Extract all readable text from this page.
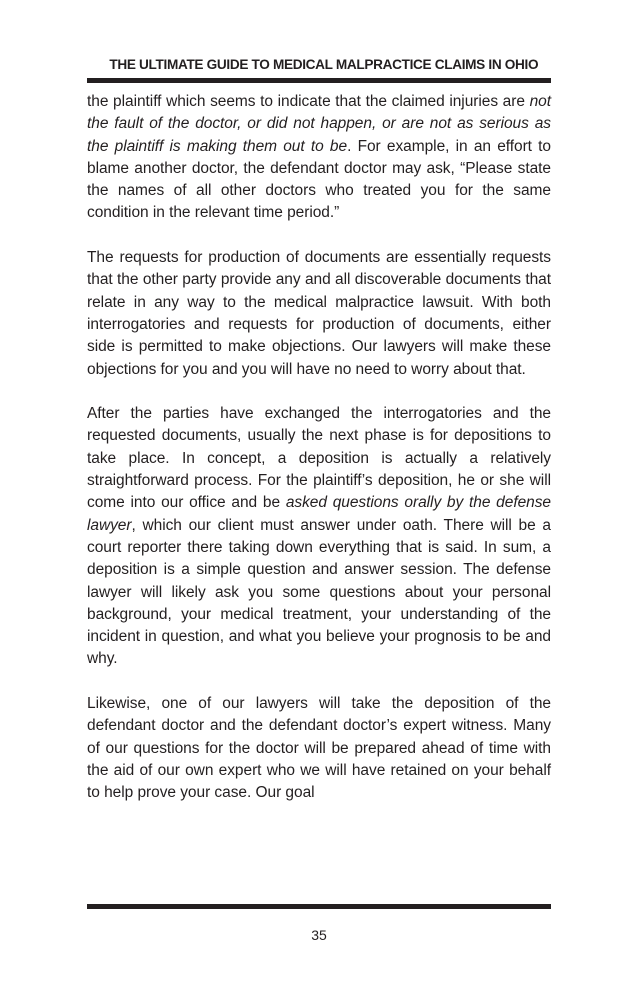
THE ULTIMATE GUIDE TO MEDICAL MALPRACTICE CLAIMS IN OHIO

the plaintiff which seems to indicate that the claimed injuries are not the fault of the doctor, or did not happen, or are not as serious as the plaintiff is making them out to be. For example, in an effort to blame another doctor, the defendant doctor may ask, “Please state the names of all other doctors who treated you for the same condition in the relevant time period.”

The requests for production of documents are essentially requests that the other party provide any and all discoverable documents that relate in any way to the medical malpractice lawsuit. With both interrogatories and requests for production of documents, either side is permitted to make objections. Our lawyers will make these objections for you and you will have no need to worry about that.

After the parties have exchanged the interrogatories and the requested documents, usually the next phase is for depositions to take place. In concept, a deposition is actually a relatively straightforward process. For the plaintiff’s deposition, he or she will come into our office and be asked questions orally by the defense lawyer, which our client must answer under oath. There will be a court reporter there taking down everything that is said. In sum, a deposition is a simple question and answer session. The defense lawyer will likely ask you some questions about your personal background, your medical treatment, your understanding of the incident in question, and what you believe your prognosis to be and why.

Likewise, one of our lawyers will take the deposition of the defendant doctor and the defendant doctor’s expert witness. Many of our questions for the doctor will be prepared ahead of time with the aid of our own expert who we will have retained on your behalf to help prove your case. Our goal

35
